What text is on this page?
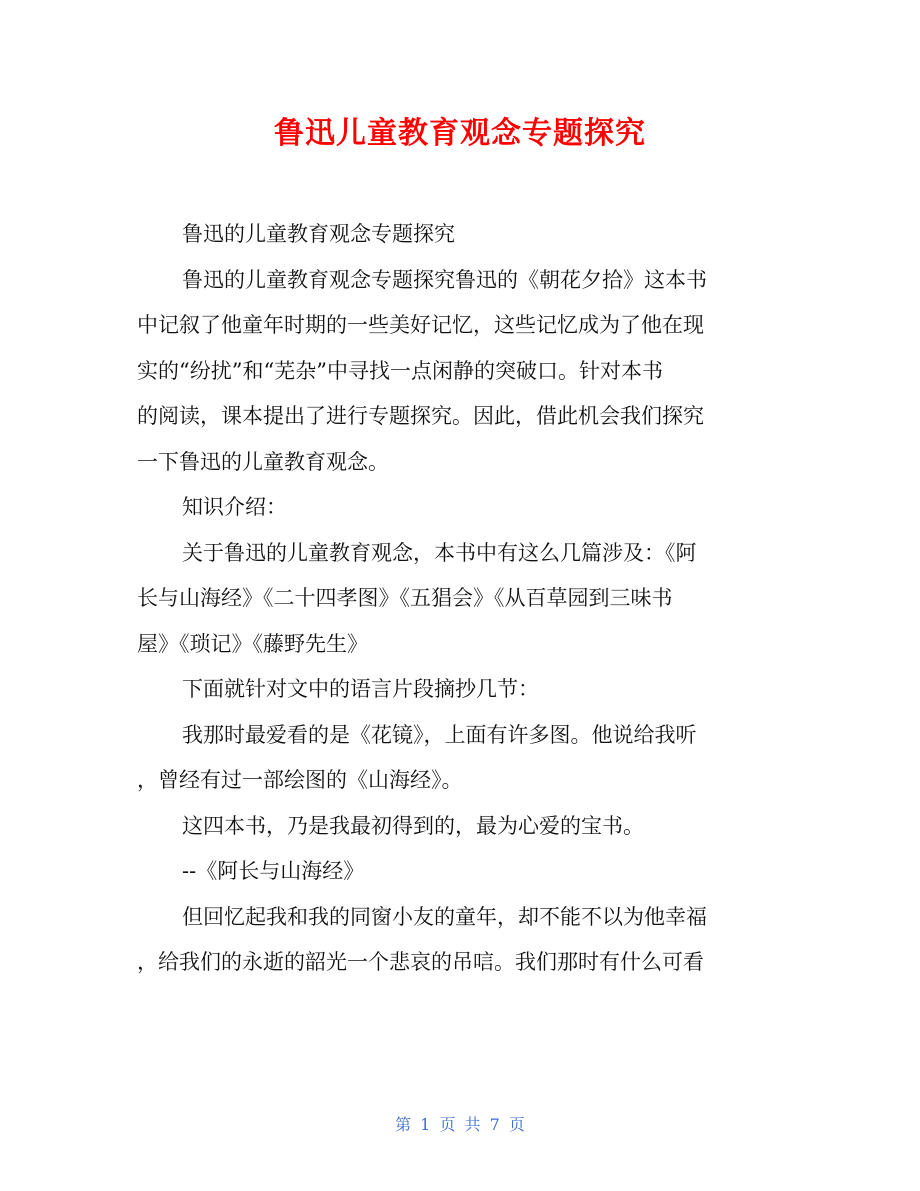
鲁迅儿童教育观念专题探究

鲁迅的儿童教育观念专题探究

鲁迅的儿童教育观念专题探究鲁迅的《朝花夕拾》这本书
中记叙了他童年时期的一些美好记忆，这些记忆成为了他在现
实的“纷扰”和“芜杂”中寻找一点闲静的突破口。针对本书
的阅读，课本提出了进行专题探究。因此，借此机会我们探究
一下鲁迅的儿童教育观念。

知识介绍：

关于鲁迅的儿童教育观念，本书中有这么几篇涉及：《阿
长与山海经》《二十四孝图》《五猖会》《从百草园到三味书
屋》《琐记》《藤野先生》

下面就针对文中的语言片段摘抄几节：

我那时最爱看的是《花镜》，上面有许多图。他说给我听
，曾经有过一部绘图的《山海经》。

这四本书，乃是我最初得到的，最为心爱的宝书。

--《阿长与山海经》

但回忆起我和我的同窗小友的童年，却不能不以为他幸福
，给我们的永逝的韶光一个悲哀的吊唁。我们那时有什么可看

第 1 页 共 7 页
